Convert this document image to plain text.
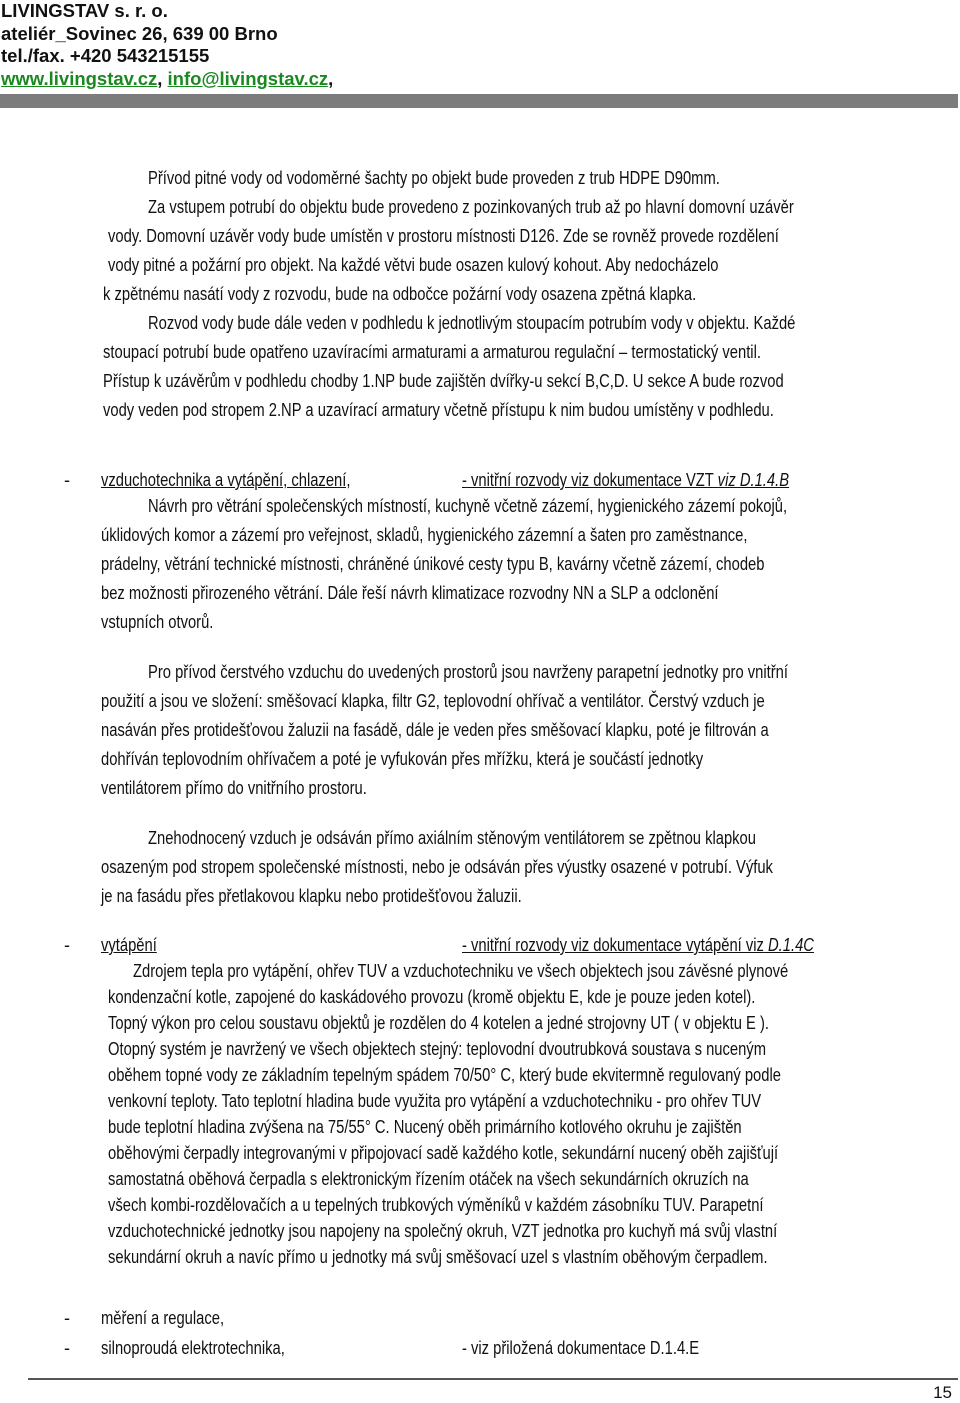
LIVINGSTAV s. r. o.
ateliér_Sovinec 26, 639 00 Brno
tel./fax. +420 543215155
www.livingstav.cz, info@livingstav.cz,
Přívod pitné vody od vodoměrné šachty po objekt bude proveden z trub HDPE D90mm.
Za vstupem potrubí do objektu bude provedeno z pozinkovaných trub až po hlavní domovní uzávěr
vody. Domovní uzávěr vody bude umístěn v prostoru místnosti D126. Zde se rovněž provede rozdělení
vody pitné a požární pro objekt. Na každé větvi bude osazen kulový kohout. Aby nedocházelo
k zpětnému nasátí vody z rozvodu, bude na odbočce požární vody osazena zpětná klapka.
Rozvod vody bude dále veden v podhledu k jednotlivým stoupacím potrubím vody v objektu. Každé
stoupací potrubí bude opatřeno uzavíracími armaturami a armaturou regulační – termostatický ventil.
Přístup k uzávěrům v podhledu chodby 1.NP bude zajištěn dvířky-u sekcí B,C,D. U sekce A bude rozvod
vody veden pod stropem 2.NP a uzavírací armatury včetně přístupu k nim budou umístěny v podhledu.
- vzduchotechnika a vytápění, chlazení,	- vnitřní rozvody viz dokumentace VZT viz D.1.4.B
Návrh pro větrání společenských místností, kuchyně včetně zázemí, hygienického zázemí pokojů,
úklidových komor a zázemí pro veřejnost, skladů, hygienického zázemní a šaten pro zaměstnance,
prádelny, větrání technické místnosti, chráněné únikové cesty typu B, kavárny včetně zázemí, chodeb
bez možnosti přirozeného větrání. Dále řeší návrh klimatizace rozvodny NN a SLP a odclonění
vstupních otvorů.
Pro přívod čerstvého vzduchu do uvedených prostorů jsou navrženy parapetní jednotky pro vnitřní
použití a jsou ve složení: směšovací klapka, filtr G2, teplovodní ohřívač a ventilátor. Čerstvý vzduch je
nasáván přes protidešťovou žaluzii na fasádě, dále je veden přes směšovací klapku, poté je filtrován a
dohříván teplovodním ohřívačem a poté je vyfukován přes mřížku, která je součástí jednotky
ventilátorem přímo do vnitřního prostoru.
Znehodnocený vzduch je odsáván přímo axiálním stěnovým ventilátorem se zpětnou klapkou
osazeným pod stropem společenské místnosti, nebo je odsáván přes výustky osazené v potrubí. Výfuk
je na fasádu přes přetlakovou klapku nebo protidešťovou žaluzii.
- vytápění	- vnitřní rozvody viz dokumentace vytápění viz D.1.4C
Zdrojem tepla pro vytápění, ohřev TUV a vzduchotechniku ve všech objektech jsou závěsné plynové
kondenzační kotle, zapojené do kaskádového provozu (kromě objektu E, kde je pouze jeden kotel).
Topný výkon pro celou soustavu objektů je rozdělen do 4 kotelen a jedné strojovny UT ( v objektu E ).
Otopný systém je navržený ve všech objektech stejný: teplovodní dvoutrubková soustava s nuceným
oběhem topné vody ze základním tepelným spádem 70/50° C, který bude ekvitermně regulovaný podle
venkovní teploty. Tato teplotní hladina bude využita pro vytápění a vzduchotechniku - pro ohřev TUV
bude teplotní hladina zvýšena na 75/55° C. Nucený oběh primárního kotlového okruhu je zajištěn
oběhovými čerpadly integrovanými v připojovací sadě každého kotle, sekundární nucený oběh zajišťují
samostatná oběhová čerpadla s elektronickým řízením otáček na všech sekundárních okruzích na
všech kombi-rozdělovačích a u tepelných trubkových výměníků v každém zásobníku TUV. Parapetní
vzduchotechnické jednotky jsou napojeny na společný okruh, VZT jednotka pro kuchyň má svůj vlastní
sekundární okruh a navíc přímo u jednotky má svůj směšovací uzel s vlastním oběhovým čerpadlem.
- měření a regulace,
- silnoproudá elektrotechnika,	- viz přiložená dokumentace D.1.4.E
15
